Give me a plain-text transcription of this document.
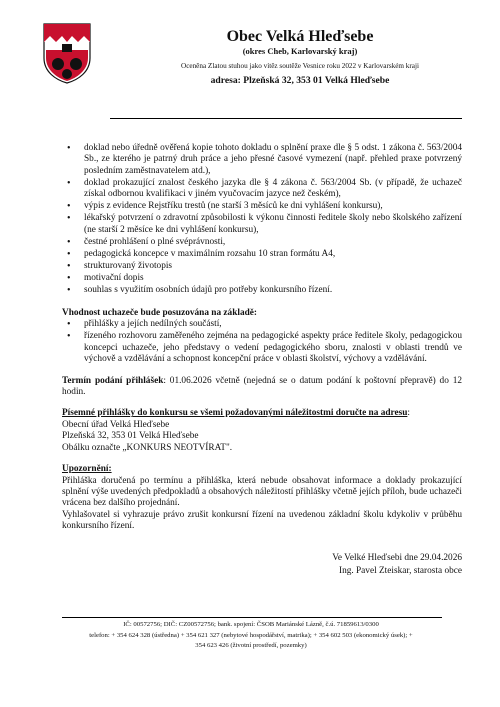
Obec Velká Hleďsebe
(okres Cheb, Karlovarský kraj)
Oceněna Zlatou stuhou jako vítěz soutěže Vesnice roku 2022 v Karlovarském kraji
adresa: Plzeňská 32, 353 01 Velká Hleďsebe
• doklad nebo úředně ověřená kopie tohoto dokladu o splnění praxe dle § 5 odst. 1 zákona č. 563/2004 Sb., ze kterého je patrný druh práce a jeho přesné časové vymezení (např. přehled praxe potvrzený posledním zaměstnavatelem atd.),
• doklad prokazující znalost českého jazyka dle § 4 zákona č. 563/2004 Sb. (v případě, že uchazeč získal odbornou kvalifikaci v jiném vyučovacím jazyce než českém),
• výpis z evidence Rejstříku trestů (ne starší 3 měsíců ke dni vyhlášení konkursu),
• lékařský potvrzení o zdravotní způsobilosti k výkonu činnosti ředitele školy nebo školského zařízení (ne starší 2 měsíce ke dni vyhlášení konkursu),
• čestné prohlášení o plné svéprávnosti,
• pedagogická koncepce v maximálním rozsahu 10 stran formátu A4,
• strukturovaný životopis
• motivační dopis
• souhlas s využitím osobních údajů pro potřeby konkursního řízení.
Vhodnost uchazeče bude posuzována na základě:
• přihlášky a jejích nedílných součástí,
• řízeného rozhovoru zaměřeného zejména na pedagogické aspekty práce ředitele školy, pedagogickou koncepci uchazeče, jeho představy o vedení pedagogického sboru, znalosti v oblasti trendů ve výchově a vzdělávání a schopnost koncepční práce v oblasti školství, výchovy a vzdělávání.
Termín podání přihlášek: 01.06.2026 včetně (nejedná se o datum podání k poštovní přepravě) do 12 hodin.
Písemné přihlášky do konkursu se všemi požadovanými náležitostmi doručte na adresu:
Obecní úřad Velká Hleďsebe
Plzeňská 32, 353 01 Velká Hleďsebe
Obálku označte „KONKURS NEOTVÍRAT".
Upozornění:
Přihláška doručená po termínu a přihláška, která nebude obsahovat informace a doklady prokazující splnění výše uvedených předpokladů a obsahových náležitostí přihlášky včetně jejích příloh, bude uchazeči vrácena bez dalšího projednání.
Vyhlašovatel si vyhrazuje právo zrušit konkursní řízení na uvedenou základní školu kdykoliv v průběhu konkursního řízení.
Ve Velké Hleďsebi dne 29.04.2026
Ing. Pavel Zteiskar, starosta obce
IČ: 00572756; DIČ: CZ00572756; bank. spojení: ČSOB Mariánské Lázně, č.ú. 71859613/0300
telefon: + 354 624 328 (ústředna) + 354 621 327 (nebytové hospodářství, matrika); + 354 602 503 (ekonomický úsek); +
354 623 426 (životní prostředí, pozemky)
